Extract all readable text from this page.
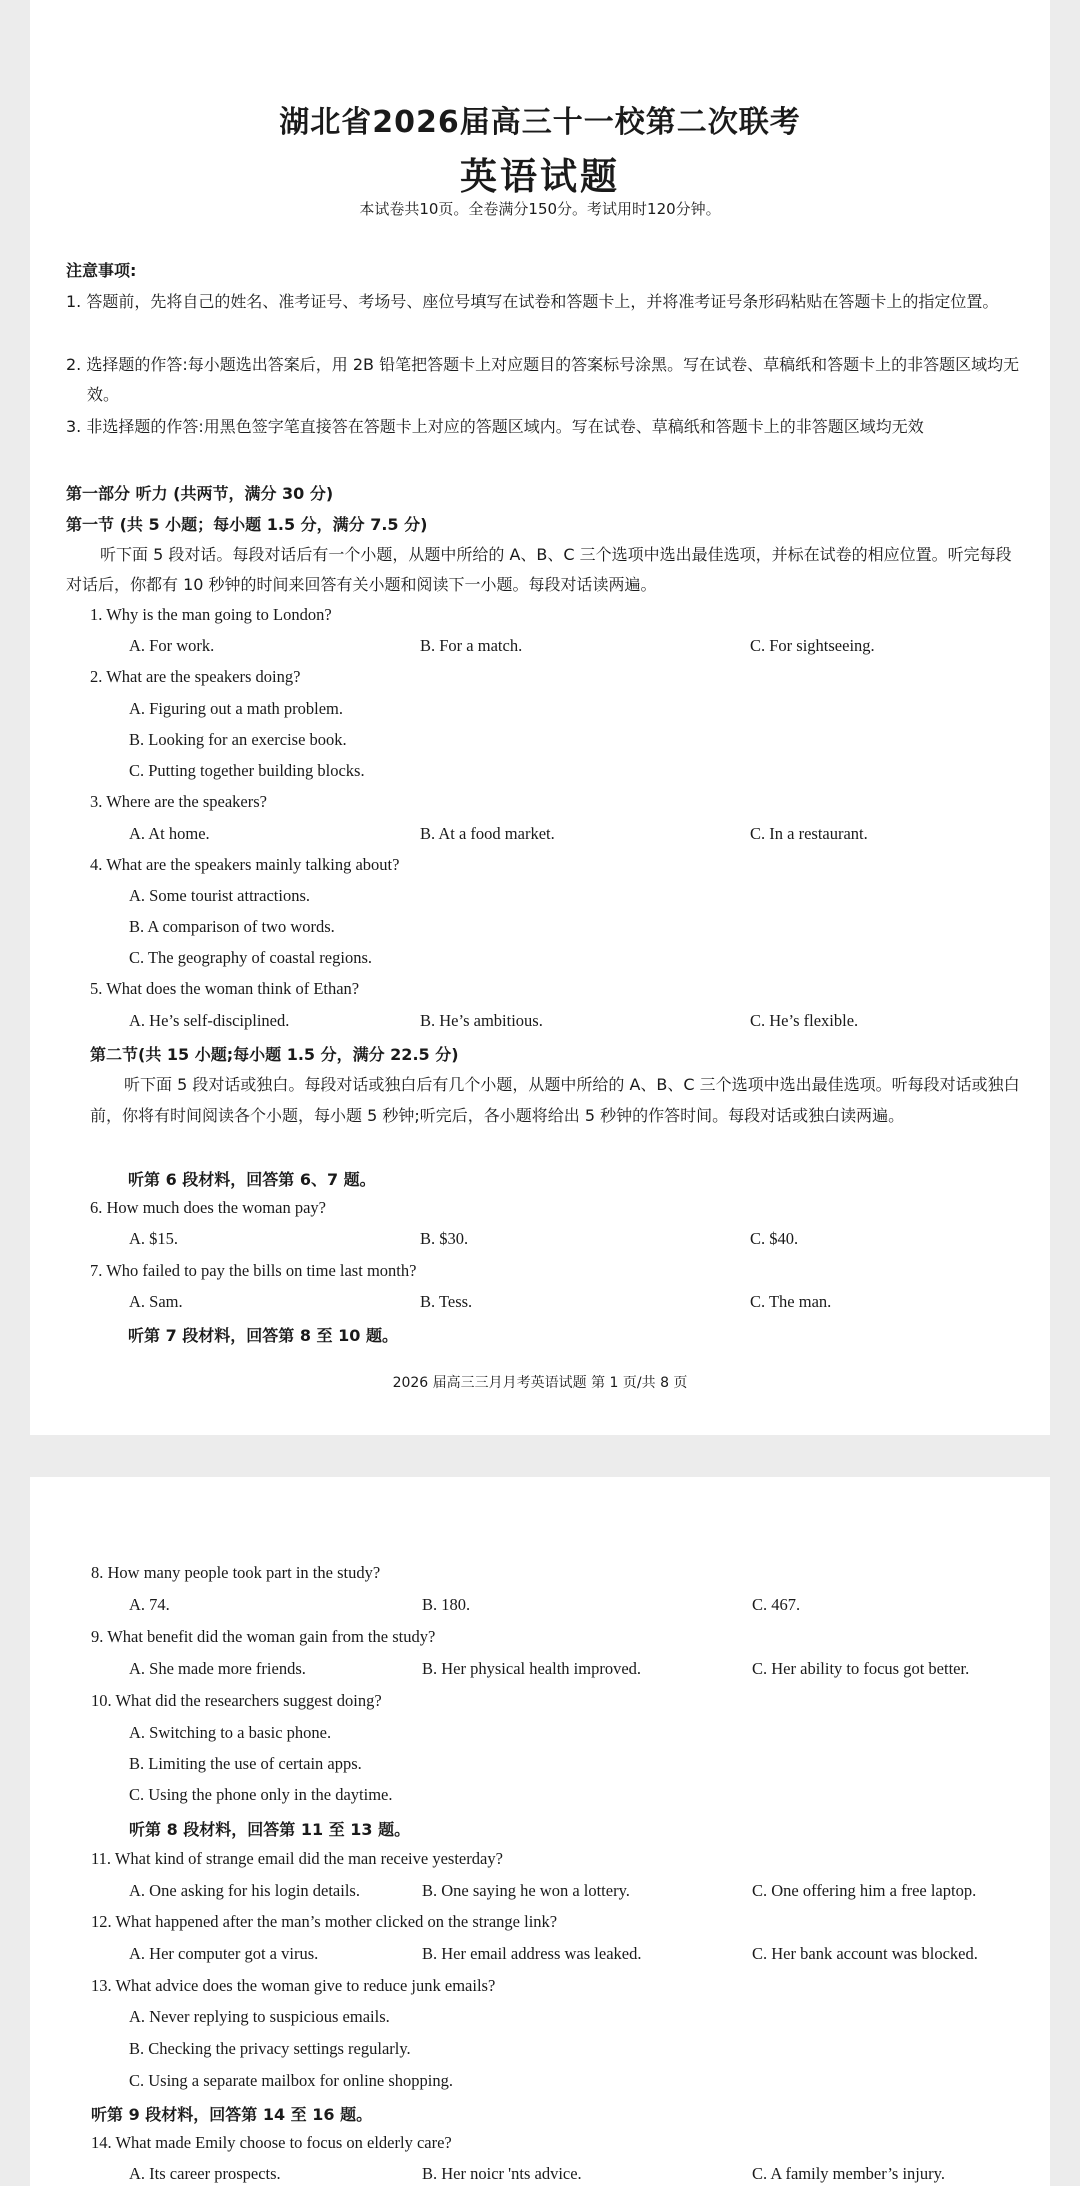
湖北省2026届高三十一校第二次联考
英语试题
本试卷共10页。全卷满分150分。考试用时120分钟。
注意事项:
1. 答题前，先将自己的姓名、准考证号、考场号、座位号填写在试卷和答题卡上，并将准考证号条形码粘贴在答题卡上的指定位置。
2. 选择题的作答:每小题选出答案后，用 2B 铅笔把答题卡上对应题目的答案标号涂黑。写在试卷、草稿纸和答题卡上的非答题区域均无效。
3. 非选择题的作答:用黑色签字笔直接答在答题卡上对应的答题区域内。写在试卷、草稿纸和答题卡上的非答题区域均无效
第一部分 听力 (共两节，满分 30 分)
第一节 (共 5 小题；每小题 1.5 分，满分 7.5 分)
听下面 5 段对话。每段对话后有一个小题，从题中所给的 A、B、C 三个选项中选出最佳选项，并标在试卷的相应位置。听完每段对话后，你都有 10 秒钟的时间来回答有关小题和阅读下一小题。每段对话读两遍。
1. Why is the man going to London?
A. For work.	B. For a match.	C. For sightseeing.
2. What are the speakers doing?
A. Figuring out a math problem.
B. Looking for an exercise book.
C. Putting together building blocks.
3. Where are the speakers?
A. At home.	B. At a food market.	C. In a restaurant.
4. What are the speakers mainly talking about?
A. Some tourist attractions.
B. A comparison of two words.
C. The geography of coastal regions.
5. What does the woman think of Ethan?
A. He’s self-disciplined.	B. He’s ambitious.	C. He’s flexible.
第二节(共 15 小题;每小题 1.5 分，满分 22.5 分)
听下面 5 段对话或独白。每段对话或独白后有几个小题，从题中所给的 A、B、C 三个选项中选出最佳选项。听每段对话或独白前，你将有时间阅读各个小题，每小题 5 秒钟;听完后，各小题将给出 5 秒钟的作答时间。每段对话或独白读两遍。
听第 6 段材料，回答第 6、7 题。
6. How much does the woman pay?
A. $15.	B. $30.	C. $40.
7. Who failed to pay the bills on time last month?
A. Sam.	B. Tess.	C. The man.
听第 7 段材料，回答第 8 至 10 题。
2026 届高三三月月考英语试题 第 1 页/共 8 页
8. How many people took part in the study?
A. 74.	B. 180.	C. 467.
9. What benefit did the woman gain from the study?
A. She made more friends.	B. Her physical health improved.	C. Her ability to focus got better.
10. What did the researchers suggest doing?
A. Switching to a basic phone.
B. Limiting the use of certain apps.
C. Using the phone only in the daytime.
听第 8 段材料，回答第 11 至 13 题。
11. What kind of strange email did the man receive yesterday?
A. One asking for his login details.	B. One saying he won a lottery.	C. One offering him a free laptop.
12. What happened after the man’s mother clicked on the strange link?
A. Her computer got a virus.	B. Her email address was leaked.	C. Her bank account was blocked.
13. What advice does the woman give to reduce junk emails?
A. Never replying to suspicious emails.
B. Checking the privacy settings regularly.
C. Using a separate mailbox for online shopping.
听第 9 段材料，回答第 14 至 16 题。
14. What made Emily choose to focus on elderly care?
A. Its career prospects.	B. Her noicr 'nts advice.	C. A family member’s injury.
